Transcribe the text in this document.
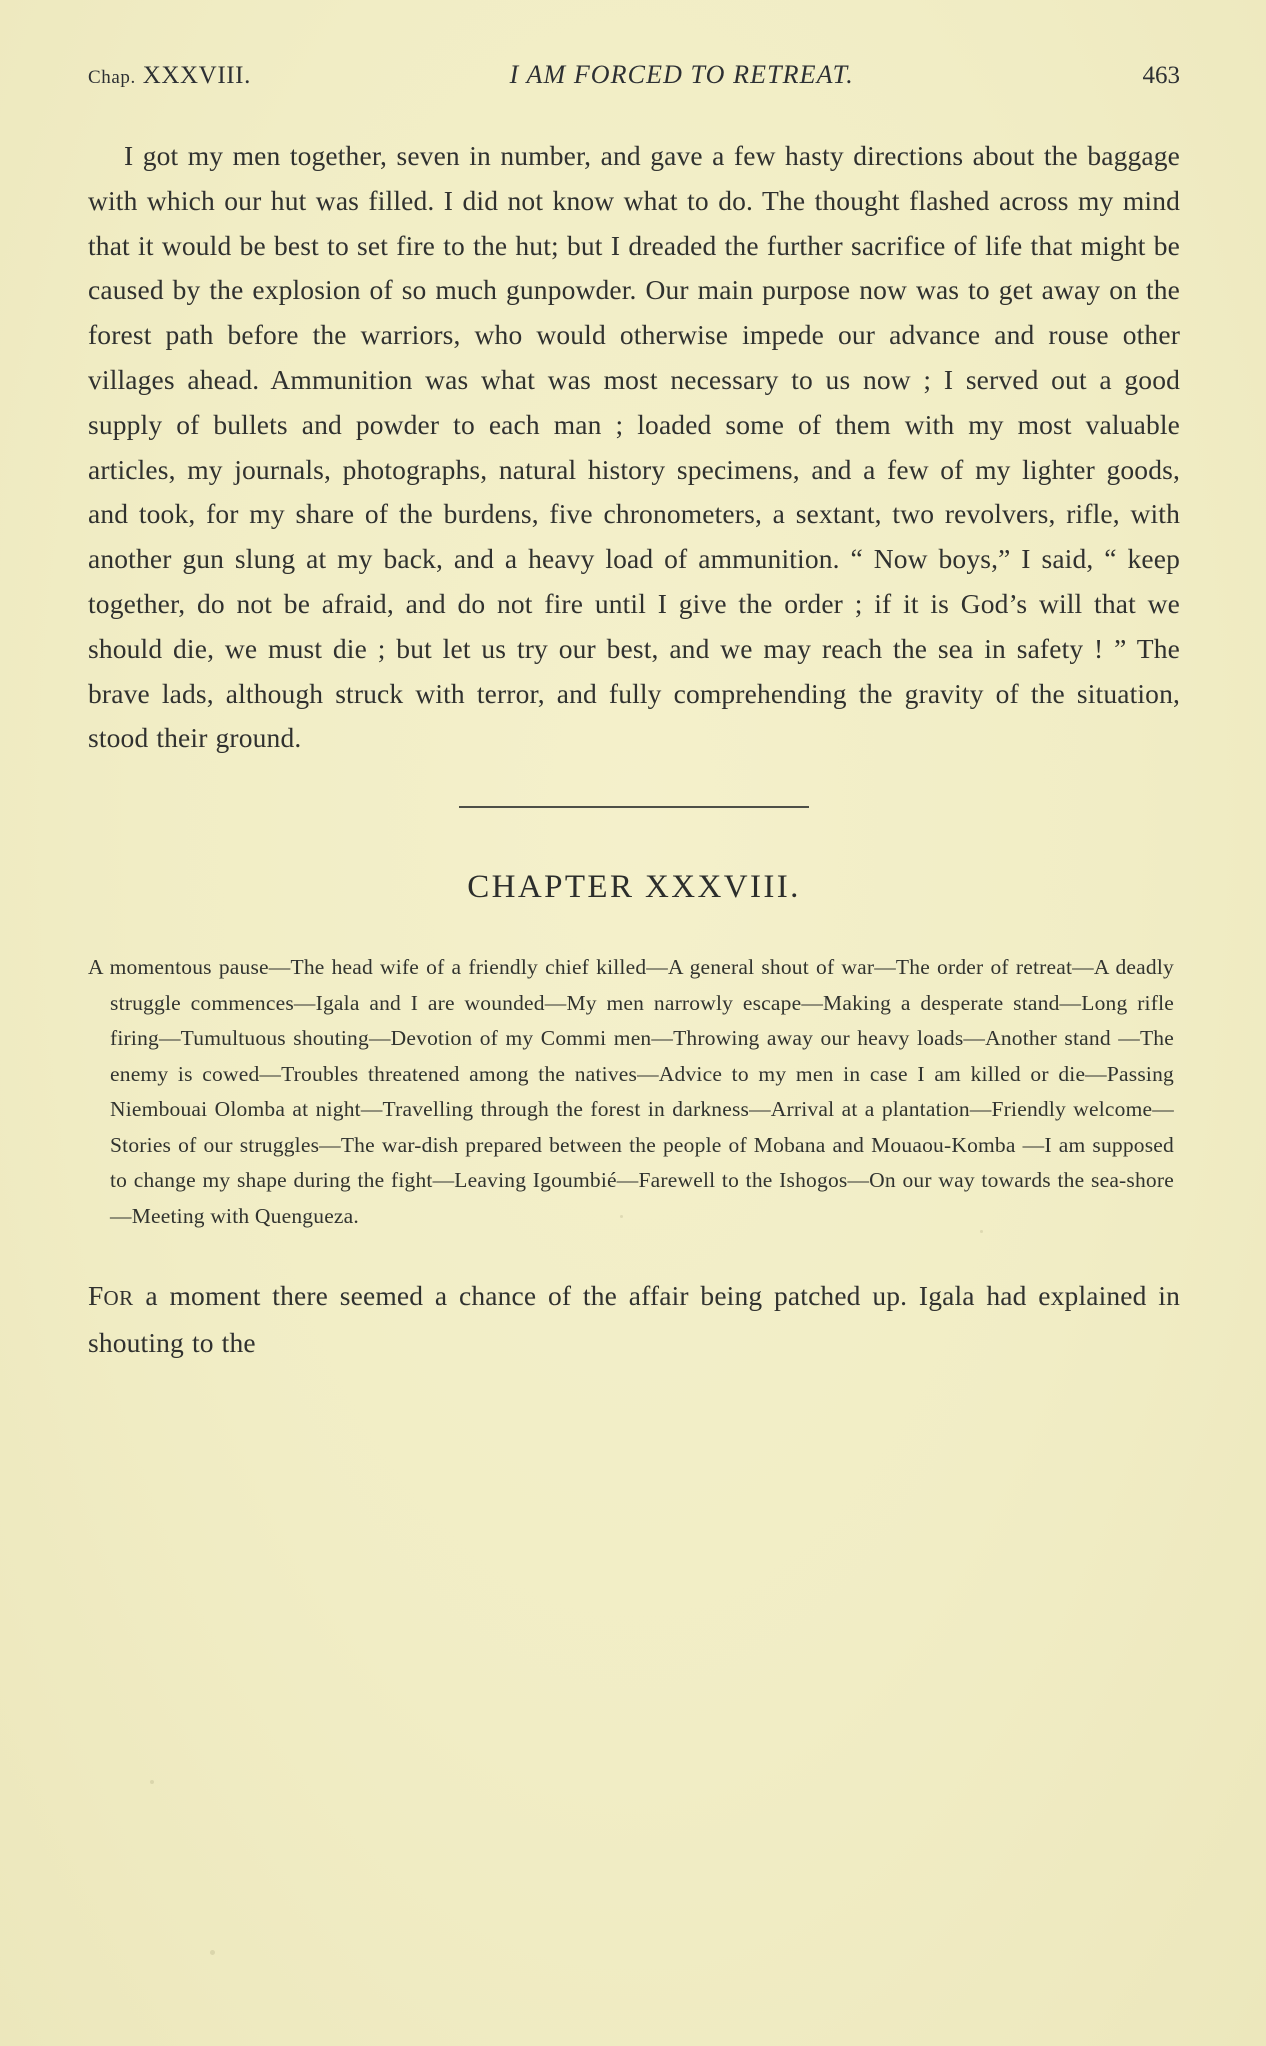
Chap. XXXVIII.	I AM FORCED TO RETREAT.	463

I got my men together, seven in number, and gave a few hasty directions about the baggage with which our hut was filled. I did not know what to do. The thought flashed across my mind that it would be best to set fire to the hut; but I dreaded the further sacrifice of life that might be caused by the explosion of so much gunpowder. Our main purpose now was to get away on the forest path before the warriors, who would otherwise impede our advance and rouse other villages ahead. Ammunition was what was most necessary to us now ; I served out a good supply of bullets and powder to each man ; loaded some of them with my most valuable articles, my journals, photographs, natural history specimens, and a few of my lighter goods, and took, for my share of the burdens, five chronometers, a sextant, two revolvers, rifle, with another gun slung at my back, and a heavy load of ammunition. “ Now boys,” I said, “ keep together, do not be afraid, and do not fire until I give the order ; if it is God’s will that we should die, we must die ; but let us try our best, and we may reach the sea in safety ! ” The brave lads, although struck with terror, and fully comprehending the gravity of the situation, stood their ground.

CHAPTER XXXVIII.

A momentous pause—The head wife of a friendly chief killed—A general shout of war—The order of retreat—A deadly struggle commences—Igala and I are wounded—My men narrowly escape—Making a desperate stand—Long rifle firing—Tumultuous shouting—Devotion of my Commi men—Throwing away our heavy loads—Another stand —The enemy is cowed—Troubles threatened among the natives—Advice to my men in case I am killed or die—Passing Niembouai Olomba at night—Travelling through the forest in darkness—Arrival at a plantation—Friendly welcome—Stories of our struggles—The war-dish prepared between the people of Mobana and Mouaou-Komba —I am supposed to change my shape during the fight—Leaving Igoumbié—Farewell to the Ishogos—On our way towards the sea-shore—Meeting with Quengueza.

FOR a moment there seemed a chance of the affair being patched up. Igala had explained in shouting to the
